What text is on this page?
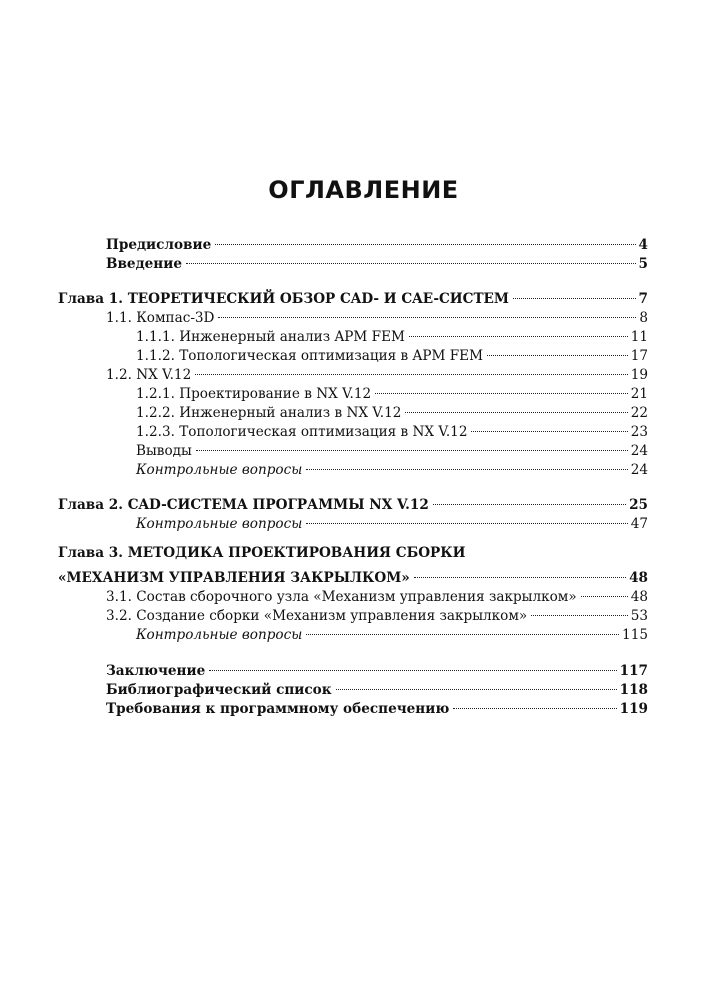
ОГЛАВЛЕНИЕ
Предисловие	4
Введение	5
Глава 1. ТЕОРЕТИЧЕСКИЙ ОБЗОР CAD- И CAE-СИСТЕМ	7
1.1. Компас-3D	8
1.1.1. Инженерный анализ APM FEM	11
1.1.2. Топологическая оптимизация в APM FEM	17
1.2. NX V.12	19
1.2.1. Проектирование в NX V.12	21
1.2.2. Инженерный анализ в NX V.12	22
1.2.3. Топологическая оптимизация в NX V.12	23
Выводы	24
Контрольные вопросы	24
Глава 2. CAD-СИСТЕМА ПРОГРАММЫ NX V.12	25
Контрольные вопросы	47
Глава 3. МЕТОДИКА ПРОЕКТИРОВАНИЯ СБОРКИ
«МЕХАНИЗМ УПРАВЛЕНИЯ ЗАКРЫЛКОМ»	48
3.1. Состав сборочного узла «Механизм управления закрылком»	48
3.2. Создание сборки «Механизм управления закрылком»	53
Контрольные вопросы	115
Заключение	117
Библиографический список	118
Требования к программному обеспечению	119
